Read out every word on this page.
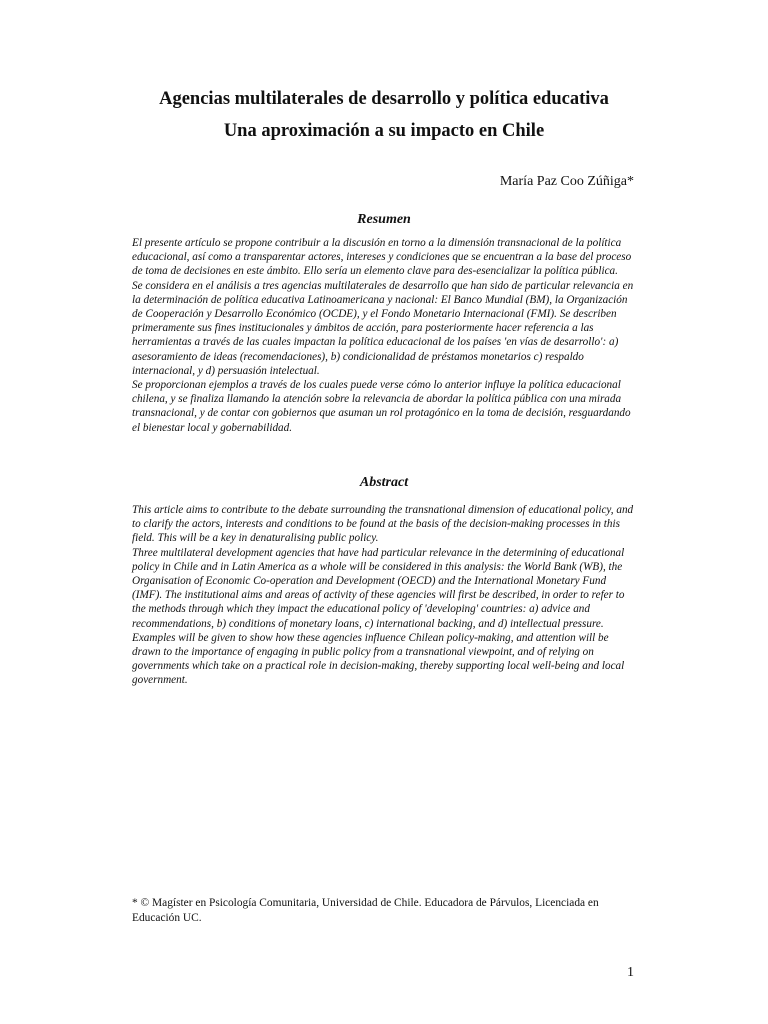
Agencias multilaterales de desarrollo y política educativa
Una aproximación a su impacto en Chile

María Paz Coo Zúñiga*

Resumen

El presente artículo se propone contribuir a la discusión en torno a la dimensión transnacional de la política educacional, así como a transparentar actores, intereses y condiciones que se encuentran a la base del proceso de toma de decisiones en este ámbito. Ello sería un elemento clave para des-esencializar la política pública.

Se considera en el análisis a tres agencias multilaterales de desarrollo que han sido de particular relevancia en la determinación de política educativa Latinoamericana y nacional: El Banco Mundial (BM), la Organización de Cooperación y Desarrollo Económico (OCDE), y el Fondo Monetario Internacional (FMI). Se describen primeramente sus fines institucionales y ámbitos de acción, para posteriormente hacer referencia a las herramientas a través de las cuales impactan la política educacional de los países 'en vías de desarrollo': a) asesoramiento de ideas (recomendaciones), b) condicionalidad de préstamos monetarios c) respaldo internacional, y d) persuasión intelectual.

Se proporcionan ejemplos a través de los cuales puede verse cómo lo anterior influye la política educacional chilena, y se finaliza llamando la atención sobre la relevancia de abordar la política pública con una mirada transnacional, y de contar con gobiernos que asuman un rol protagónico en la toma de decisión, resguardando el bienestar local y gobernabilidad.

Abstract

This article aims to contribute to the debate surrounding the transnational dimension of educational policy, and to clarify the actors, interests and conditions to be found at the basis of the decision-making processes in this field. This will be a key in denaturalising public policy.

Three multilateral development agencies that have had particular relevance in the determining of educational policy in Chile and in Latin America as a whole will be considered in this analysis: the World Bank (WB), the Organisation of Economic Co-operation and Development (OECD) and the International Monetary Fund (IMF). The institutional aims and areas of activity of these agencies will first be described, in order to refer to the methods through which they impact the educational policy of 'developing' countries: a) advice and recommendations, b) conditions of monetary loans, c) international backing, and d) intellectual pressure. Examples will be given to show how these agencies influence Chilean policy-making, and attention will be drawn to the importance of engaging in public policy from a transnational viewpoint, and of relying on governments which take on a practical role in decision-making, thereby supporting local well-being and local government.

* © Magíster en Psicología Comunitaria, Universidad de Chile. Educadora de Párvulos, Licenciada en Educación UC.

1
